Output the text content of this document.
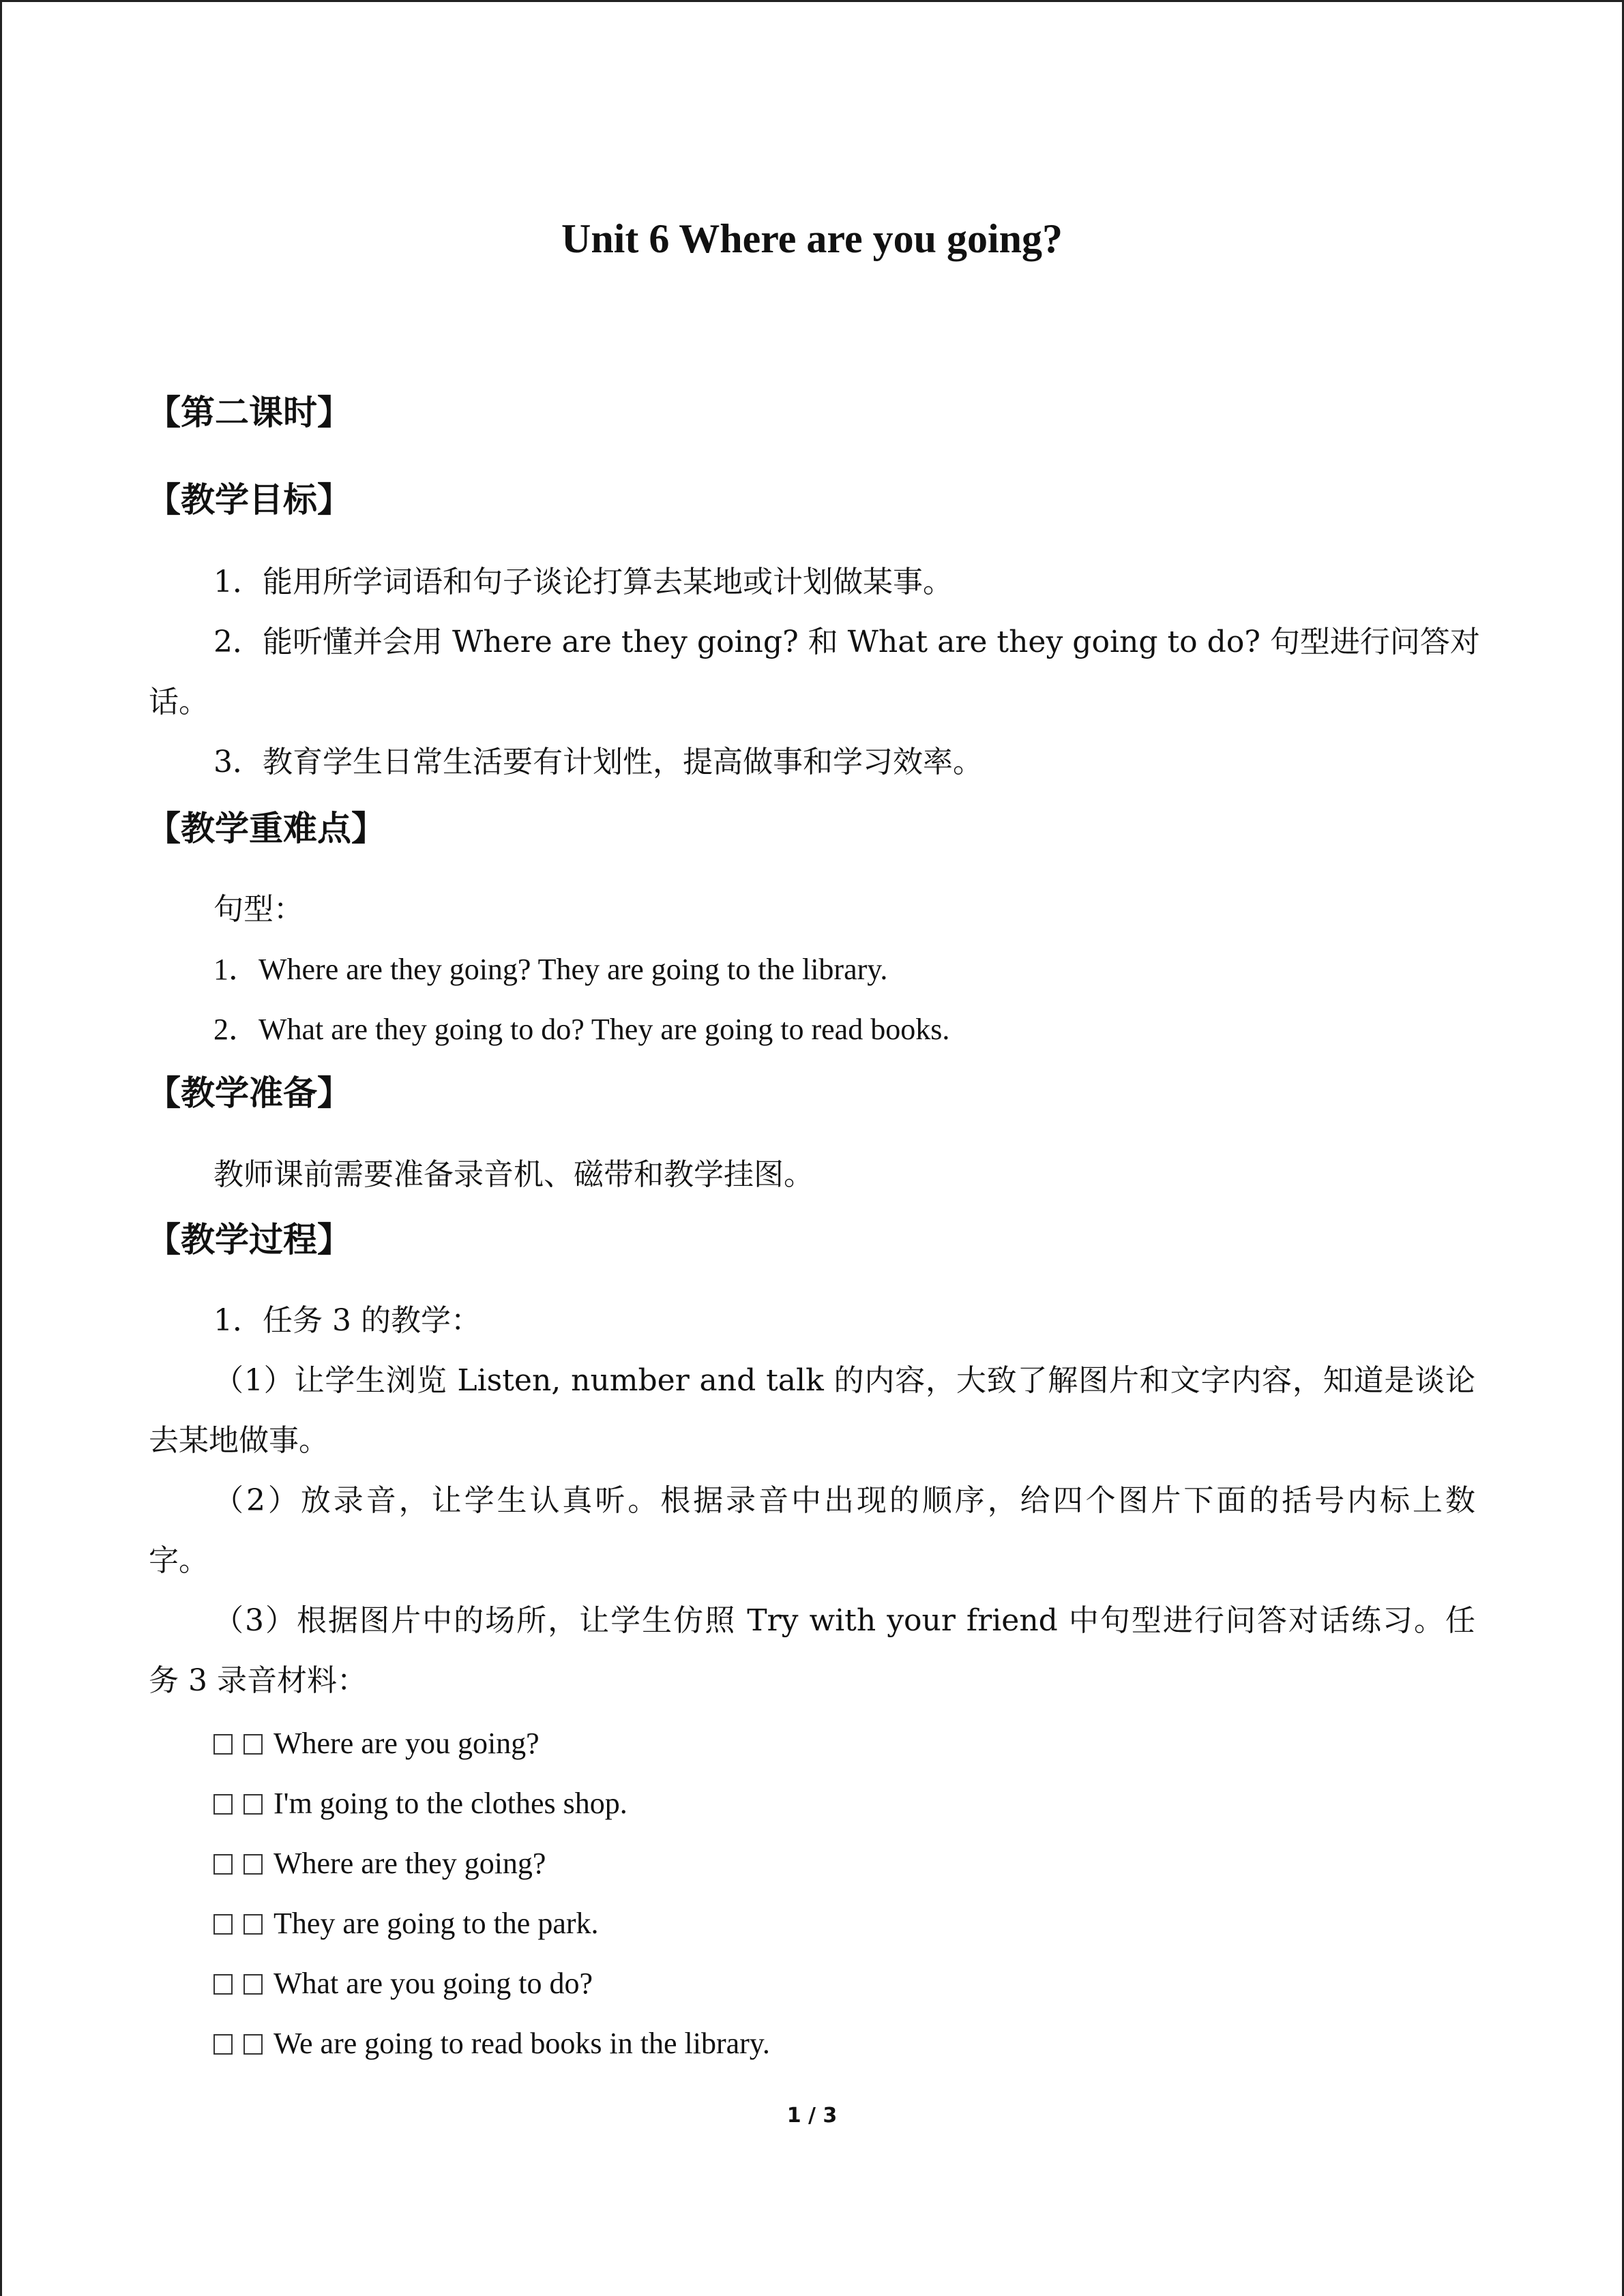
Unit 6 Where are you going?

【第二课时】

【教学目标】

1．能用所学词语和句子谈论打算去某地或计划做某事。

2．能听懂并会用 Where are they going? 和 What are they going to do? 句型进行问答对

话。

3．教育学生日常生活要有计划性，提高做事和学习效率。

【教学重难点】

句型：

1．Where are they going? They are going to the library.

2．What are they going to do? They are going to read books.

【教学准备】

教师课前需要准备录音机、磁带和教学挂图。

【教学过程】

1．任务 3 的教学：

（1）让学生浏览 Listen, number and talk 的内容，大致了解图片和文字内容，知道是谈论

去某地做事。

（2）放录音，让学生认真听。根据录音中出现的顺序，给四个图片下面的括号内标上数

字。

（3）根据图片中的场所，让学生仿照 Try with your friend 中句型进行问答对话练习。任

务 3 录音材料：

Where are you going?

I'm going to the clothes shop.

Where are they going?

They are going to the park.

What are you going to do?

We are going to read books in the library.

1 / 3
